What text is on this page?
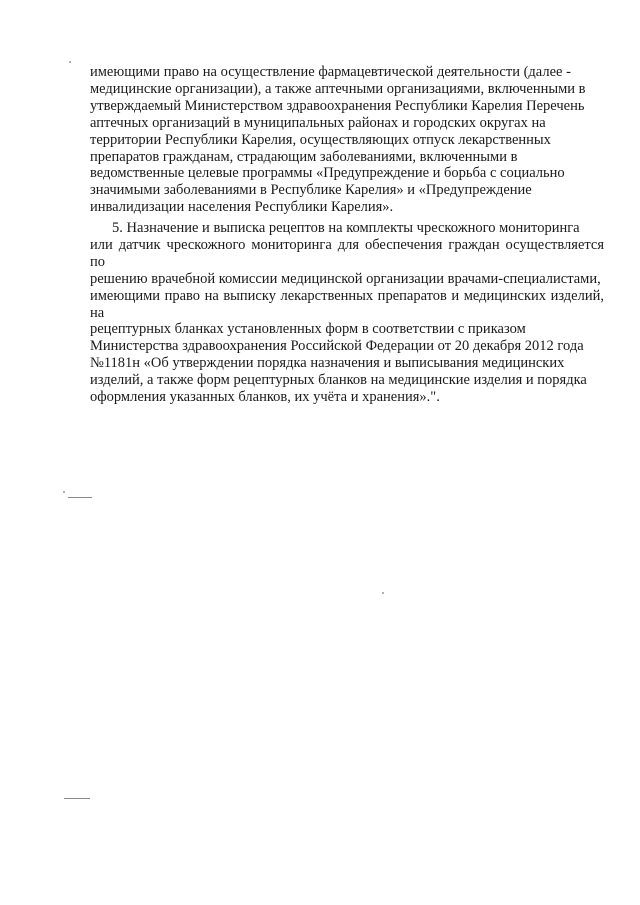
имеющими право на осуществление фармацевтической деятельности (далее -
медицинские организации), а также аптечными организациями, включенными в
утверждаемый Министерством здравоохранения Республики Карелия Перечень
аптечных организаций в муниципальных районах и городских округах на
территории Республики Карелия, осуществляющих отпуск лекарственных
препаратов гражданам, страдающим заболеваниями, включенными в
ведомственные целевые программы «Предупреждение и борьба с социально
значимыми заболеваниями в Республике Карелия» и «Предупреждение
инвалидизации населения Республики Карелия».
5. Назначение и выписка рецептов на комплекты чрескожного мониторинга
или датчик чрескожного мониторинга для обеспечения граждан осуществляется по
решению врачебной комиссии медицинской организации врачами-специалистами,
имеющими право на выписку лекарственных препаратов и медицинских изделий, на
рецептурных бланках установленных форм в соответствии с приказом
Министерства здравоохранения Российской Федерации от 20 декабря 2012 года
№1181н «Об утверждении порядка назначения и выписывания медицинских
изделий, а также форм рецептурных бланков на медицинские изделия и порядка
оформления указанных бланков, их учёта и хранения».".
